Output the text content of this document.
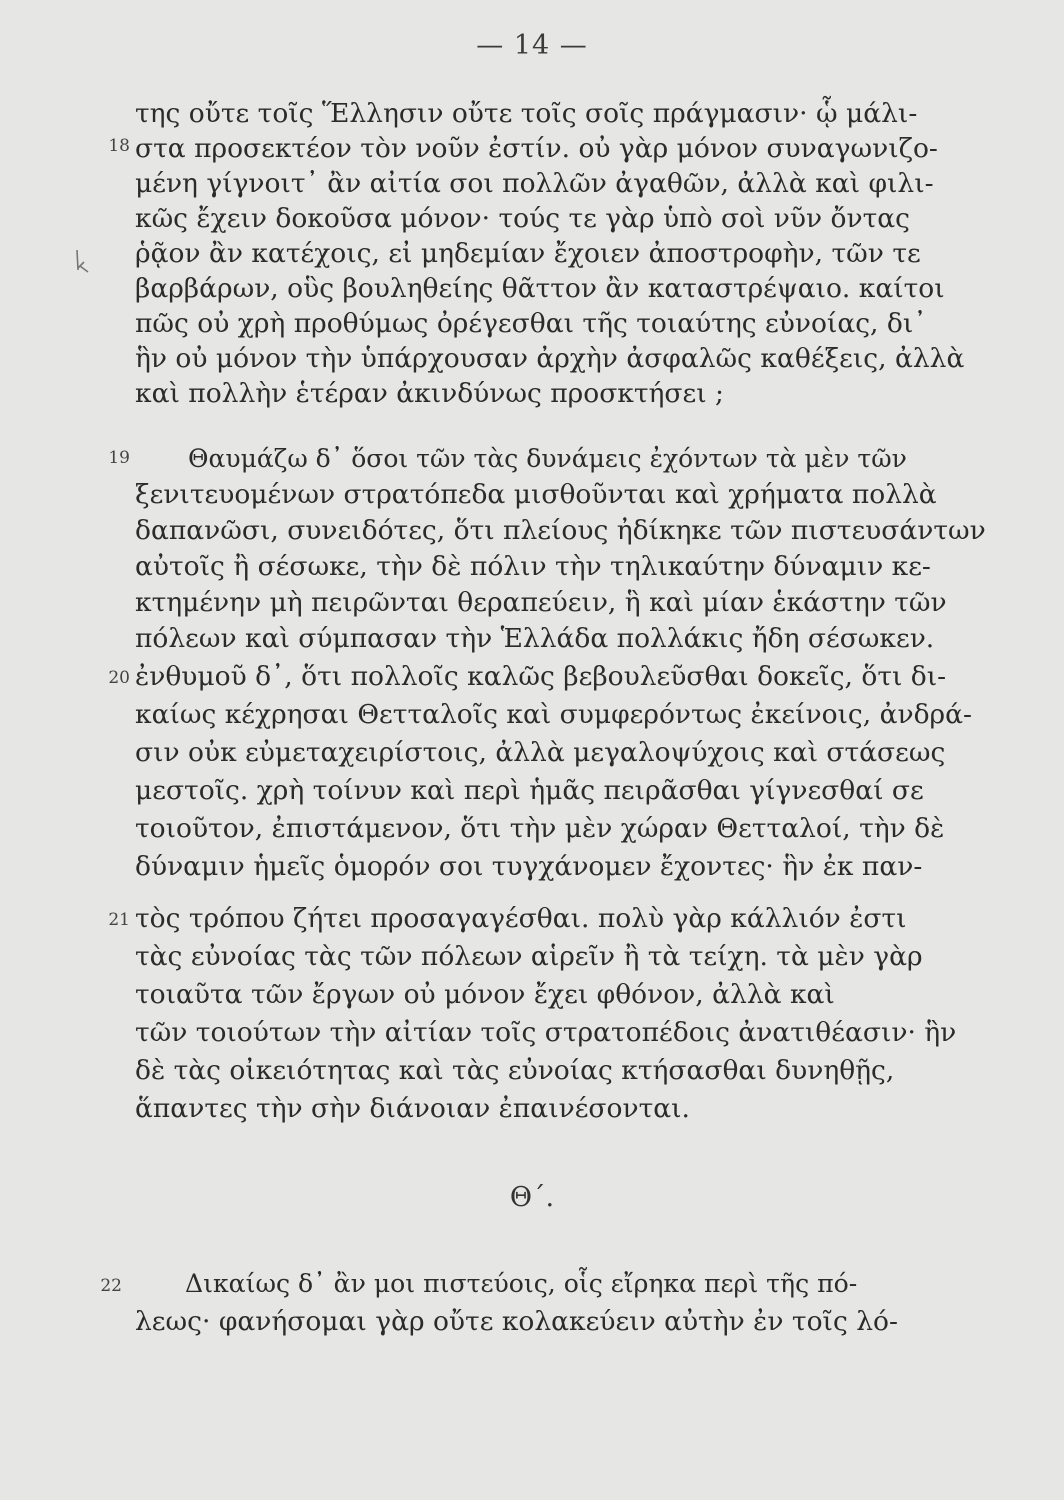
— 14 —
18
19
20
21
22
της οὔτε τοῖς Ἕλλησιν οὔτε τοῖς σοῖς πράγμασιν· ᾧ μάλι-
στα προσεκτέον τὸν νοῦν ἐστίν. οὐ γὰρ μόνον συναγωνιζο-
μένη γίγνοιτ᾿ ἂν αἰτία σοι πολλῶν ἀγαθῶν, ἀλλὰ καὶ φιλι-
κῶς ἔχειν δοκοῦσα μόνον· τούς τε γὰρ ὑπὸ σοὶ νῦν ὄντας
ῥᾷον ἂν κατέχοις, εἰ μηδεμίαν ἔχοιεν ἀποστροφὴν, τῶν τε
βαρβάρων, οὓς βουληθείης θᾶττον ἂν καταστρέψαιο. καίτοι
πῶς οὐ χρὴ προθύμως ὀρέγεσθαι τῆς τοιαύτης εὐνοίας, δι᾿
ἣν οὐ μόνον τὴν ὑπάρχουσαν ἀρχὴν ἀσφαλῶς καθέξεις, ἀλλὰ
καὶ πολλὴν ἑτέραν ἀκινδύνως προσκτήσει ;
Θαυμάζω δ᾿ ὅσοι τῶν τὰς δυνάμεις ἐχόντων τὰ μὲν τῶν
ξενιτευομένων στρατόπεδα μισθοῦνται καὶ χρήματα πολλὰ
δαπανῶσι, συνειδότες, ὅτι πλείους ἠδίκηκε τῶν πιστευσάντων
αὐτοῖς ἢ σέσωκε, τὴν δὲ πόλιν τὴν τηλικαύτην δύναμιν κε-
κτημένην μὴ πειρῶνται θεραπεύειν, ἣ καὶ μίαν ἑκάστην τῶν
πόλεων καὶ σύμπασαν τὴν Ἑλλάδα πολλάκις ἤδη σέσωκεν.
ἐνθυμοῦ δ᾿, ὅτι πολλοῖς καλῶς βεβουλεῦσθαι δοκεῖς, ὅτι δι-
καίως κέχρησαι Θετταλοῖς καὶ συμφερόντως ἐκείνοις, ἀνδρά-
σιν οὐκ εὐμεταχειρίστοις, ἀλλὰ μεγαλοψύχοις καὶ στάσεως
μεστοῖς. χρὴ τοίνυν καὶ περὶ ἡμᾶς πειρᾶσθαι γίγνεσθαί σε
τοιοῦτον, ἐπιστάμενον, ὅτι τὴν μὲν χώραν Θετταλοί, τὴν δὲ
δύναμιν ἡμεῖς ὁμορόν σοι τυγχάνομεν ἔχοντες· ἣν ἐκ παν-
τὸς τρόπου ζήτει προσαγαγέσθαι. πολὺ γὰρ κάλλιόν ἐστι
τὰς εὐνοίας τὰς τῶν πόλεων αἱρεῖν ἢ τὰ τείχη. τὰ μὲν γὰρ
τοιαῦτα τῶν ἔργων οὐ μόνον ἔχει φθόνον, ἀλλὰ καὶ
τῶν τοιούτων τὴν αἰτίαν τοῖς στρατοπέδοις ἀνατιθέασιν· ἣν
δὲ τὰς οἰκειότητας καὶ τὰς εὐνοίας κτήσασθαι δυνηθῇς,
ἅπαντες τὴν σὴν διάνοιαν ἐπαινέσονται.
Θ΄.
Δικαίως δ᾿ ἂν μοι πιστεύοις, οἷς εἴρηκα περὶ τῆς πό-
λεως· φανήσομαι γὰρ οὔτε κολακεύειν αὐτὴν ἐν τοῖς λό-
